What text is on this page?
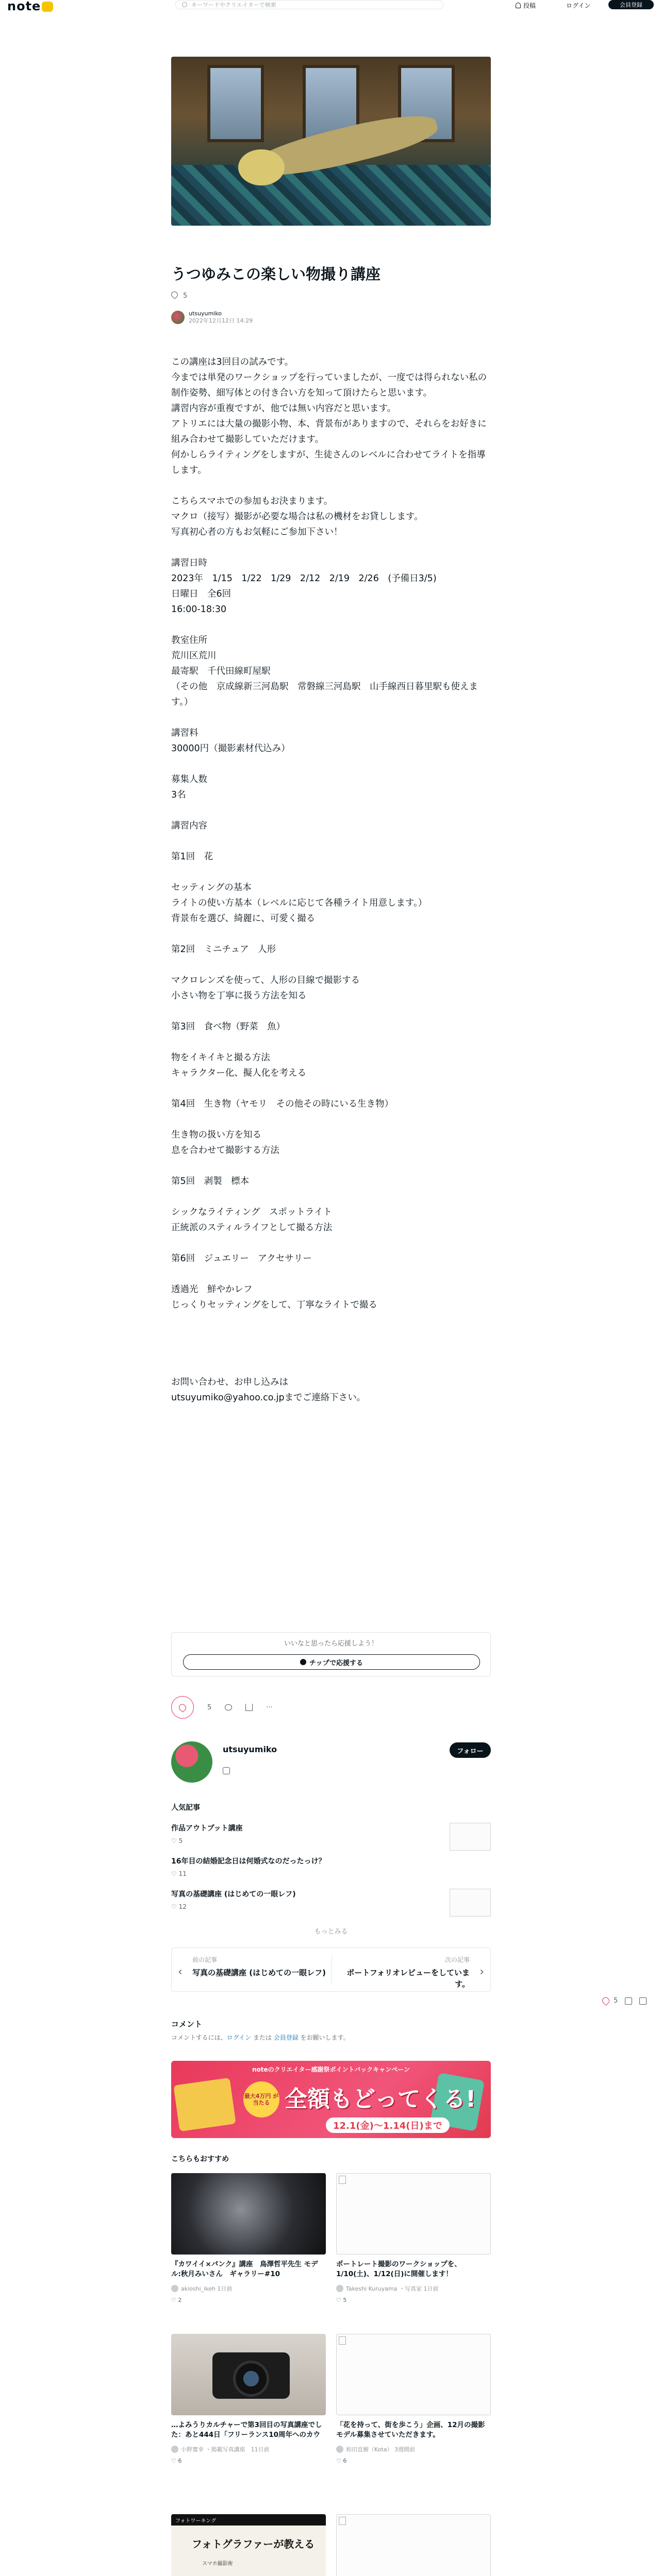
note	キーワードやクリエイターで検索	投稿	ログイン	会員登録
うつゆみこの楽しい物撮り講座
5
utsuyumiko
2022年12月12日 14:29
この講座は3回目の試みです。
今までは単発のワークショップを行っていましたが、一度では得られない私の制作姿勢、細写体との付き合い方を知って頂けたらと思います。
講習内容が重複ですが、他では無い内容だと思います。
アトリエには大量の撮影小物、本、背景布がありますので、それらをお好きに組み合わせて撮影していただけます。
何かしらライティングをしますが、生徒さんのレベルに合わせてライトを指導します。

こちらスマホでの参加もお決まります。
マクロ（接写）撮影が必要な場合は私の機材をお貸しします。
写真初心者の方もお気軽にご参加下さい！

講習日時
2023年　1/15　1/22　1/29　2/12　2/19　2/26　(予備日3/5)
日曜日　全6回
16:00-18:30

教室住所
荒川区荒川
最寄駅　千代田線町屋駅
（その他　京成線新三河島駅　常磐線三河島駅　山手線西日暮里駅も使えます。）

講習料
30000円（撮影素材代込み）

募集人数
3名

講習内容

第1回　花

セッティングの基本
ライトの使い方基本（レベルに応じて各種ライト用意します。）
背景布を選び、綺麗に、可愛く撮る

第2回　ミニチュア　人形

マクロレンズを使って、人形の目線で撮影する
小さい物を丁寧に扱う方法を知る

第3回　食べ物（野菜　魚）

物をイキイキと撮る方法
キャラクター化、擬人化を考える

第4回　生き物（ヤモリ　その他その時にいる生き物）

生き物の扱い方を知る
息を合わせて撮影する方法

第5回　剥製　標本

シックなライティング　スポットライト
正統派のスティルライフとして撮る方法

第6回　ジュエリー　アクセサリー

透過光　鮮やかレフ
じっくりセッティングをして、丁寧なライトで撮る

お問い合わせ、お申し込みは
utsuyumiko@yahoo.co.jpまでご連絡下さい。
いいなと思ったら応援しよう！
チップで応援する
5	···
utsuyumiko	フォロー
人気記事
作品アウトプット講座
♡ 5
16年目の結婚記念日は何婚式なのだったっけ？
♡ 11
写真の基礎講座 (はじめての一眼レフ)
♡ 12
もっとみる
‹
前の記事
写真の基礎講座 (はじめての一眼レフ)
次の記事
ポートフォリオレビューをしています。
›
コメント
コメントするには、ログイン または 会員登録 をお願いします。
noteのクリエイター感謝祭ポイントバックキャンペーン
最大4万円 が当たる 全額もどってくる!
12.1(金)〜1.14(日)まで
こちらもおすすめ
『カワイイ×パンク』講座　鳥澤哲平先生 モデル:秋月みいさん　ギャラリー#10
akioshi_ikeh
1日前
♡ 2
ポートレート撮影のワークショップを、1/10(土)、1/12(日)に開催します！
Takeshi Kuruyama
・写真家 1日前
♡ 5
…よみうりカルチャーで第3回目の写真講座でした：あと444日「フリーランス10周年へのカウ
小野寛幸
・掲載写真講座　11日前
♡ 6
「花を持って、街を歩こう」企画、12月の撮影モデル募集させていただきます。
和田直樹（Kota）
3週間前
♡ 6
フォトワーキング
フォトグラファーが教える
スマホ撮影術

5
